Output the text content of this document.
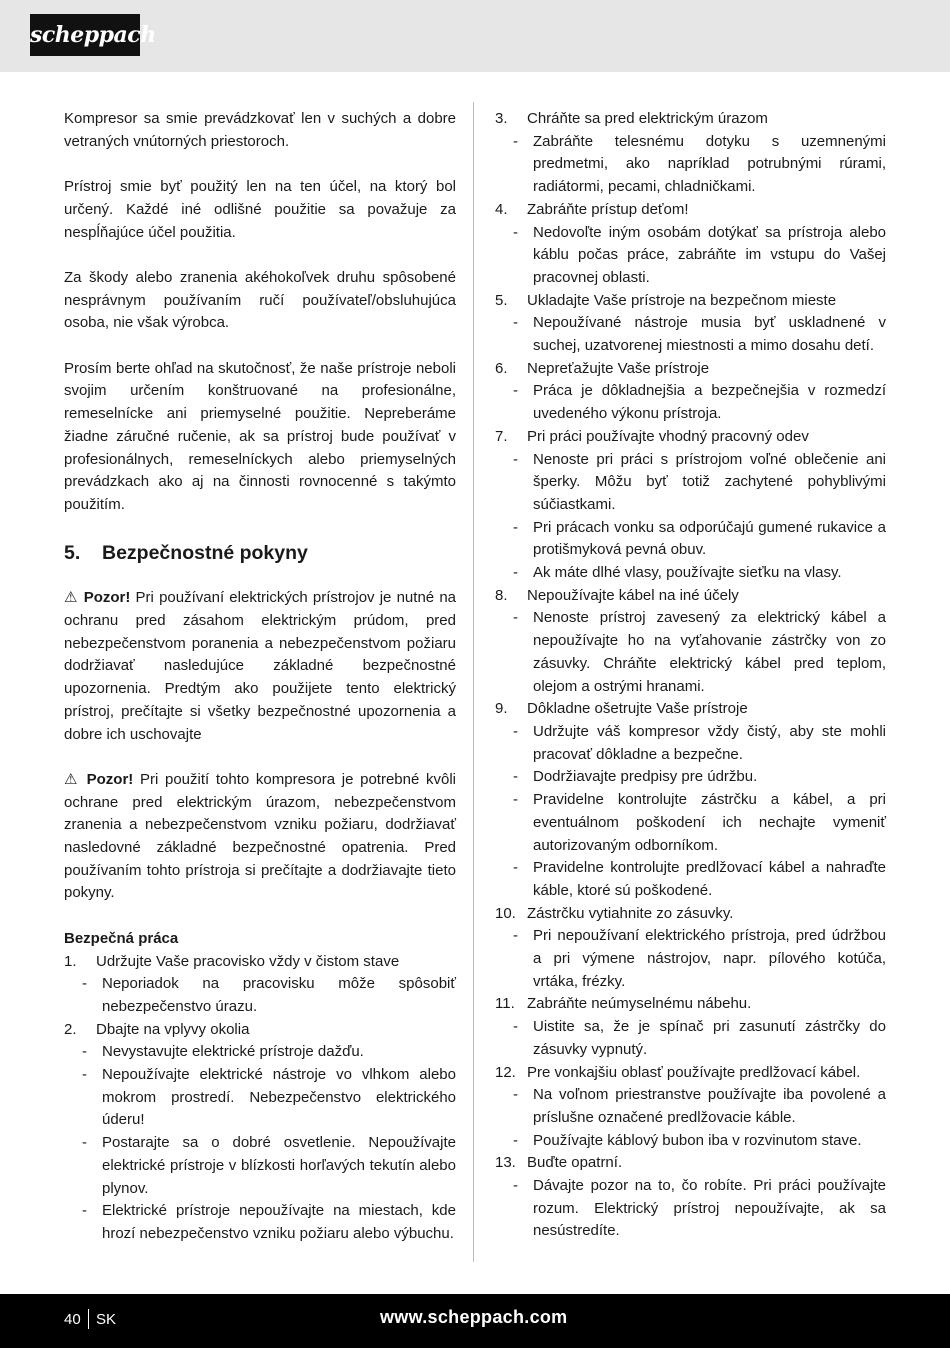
scheppach

Kompresor sa smie prevádzkovať len v suchých a dobre vetraných vnútorných priestoroch.

Prístroj smie byť použitý len na ten účel, na ktorý bol určený. Každé iné odlišné použitie sa považuje za nespĺňajúce účel použitia.

Za škody alebo zranenia akéhokoľvek druhu spôsobené nesprávnym používaním ručí používateľ/obsluhujúca osoba, nie však výrobca.

Prosím berte ohľad na skutočnosť, že naše prístroje neboli svojim určením konštruované na profesionálne, remeselnícke ani priemyselné použitie. Nepreberáme žiadne záručné ručenie, ak sa prístroj bude používať v profesionálnych, remeselníckych alebo priemyselných prevádzkach ako aj na činnosti rovnocenné s takýmto použitím.

5. Bezpečnostné pokyny

⚠ Pozor! Pri používaní elektrických prístrojov je nutné na ochranu pred zásahom elektrickým prúdom, pred nebezpečenstvom poranenia a nebezpečenstvom požiaru dodržiavať nasledujúce základné bezpečnostné upozornenia. Predtým ako použijete tento elektrický prístroj, prečítajte si všetky bezpečnostné upozornenia a dobre ich uschovajte

⚠ Pozor! Pri použití tohto kompresora je potrebné kvôli ochrane pred elektrickým úrazom, nebezpečenstvom zranenia a nebezpečenstvom vzniku požiaru, dodržiavať nasledovné základné bezpečnostné opatrenia. Pred používaním tohto prístroja si prečítajte a dodržiavajte tieto pokyny.

Bezpečná práca
1.	Udržujte Vaše pracovisko vždy v čistom stave
-	Neporiadok na pracovisku môže spôsobiť nebezpečenstvo úrazu.
2.	Dbajte na vplyvy okolia
-	Nevystavujte elektrické prístroje dažďu.
-	Nepoužívajte elektrické nástroje vo vlhkom alebo mokrom prostredí. Nebezpečenstvo elektrického úderu!
-	Postarajte sa o dobré osvetlenie. Nepoužívajte elektrické prístroje v blízkosti horľavých tekutín alebo plynov.
-	Elektrické prístroje nepoužívajte na miestach, kde hrozí nebezpečenstvo vzniku požiaru alebo výbuchu.
3.	Chráňte sa pred elektrickým úrazom
-	Zabráňte telesnému dotyku s uzemnenými predmetmi, ako napríklad potrubnými rúrami, radiátormi, pecami, chladničkami.
4.	Zabráňte prístup deťom!
-	Nedovoľte iným osobám dotýkať sa prístroja alebo káblu počas práce, zabráňte im vstupu do Vašej pracovnej oblasti.
5.	Ukladajte Vaše prístroje na bezpečnom mieste
-	Nepoužívané nástroje musia byť uskladnené v suchej, uzatvorenej miestnosti a mimo dosahu detí.
6.	Nepreťažujte Vaše prístroje
-	Práca je dôkladnejšia a bezpečnejšia v rozmedzí uvedeného výkonu prístroja.
7.	Pri práci používajte vhodný pracovný odev
-	Nenoste pri práci s prístrojom voľné oblečenie ani šperky. Môžu byť totiž zachytené pohyblivými súčiastkami.
-	Pri prácach vonku sa odporúčajú gumené rukavice a protišmyková pevná obuv.
-	Ak máte dlhé vlasy, používajte sieťku na vlasy.
8.	Nepoužívajte kábel na iné účely
-	Nenoste prístroj zavesený za elektrický kábel a nepoužívajte ho na vyťahovanie zástrčky von zo zásuvky. Chráňte elektrický kábel pred teplom, olejom a ostrými hranami.
9.	Dôkladne ošetrujte Vaše prístroje
-	Udržujte váš kompresor vždy čistý, aby ste mohli pracovať dôkladne a bezpečne.
-	Dodržiavajte predpisy pre údržbu.
-	Pravidelne kontrolujte zástrčku a kábel, a pri eventuálnom poškodení ich nechajte vymeniť autorizovaným odborníkom.
-	Pravidelne kontrolujte predlžovací kábel a nahraďte káble, ktoré sú poškodené.
10. Zástrčku vytiahnite zo zásuvky.
-	Pri nepoužívaní elektrického prístroja, pred údržbou a pri výmene nástrojov, napr. pílového kotúča, vrtáka, frézky.
11. Zabráňte neúmyselnému nábehu.
-	Uistite sa, že je spínač pri zasunutí zástrčky do zásuvky vypnutý.
12. Pre vonkajšiu oblasť používajte predlžovací kábel.
-	Na voľnom priestranstve používajte iba povolené a príslušne označené predlžovacie káble.
-	Používajte káblový bubon iba v rozvinutom stave.
13. Buďte opatrní.
-	Dávajte pozor na to, čo robíte. Pri práci používajte rozum. Elektrický prístroj nepoužívajte, ak sa nesústredíte.
40 SK	www.scheppach.com
